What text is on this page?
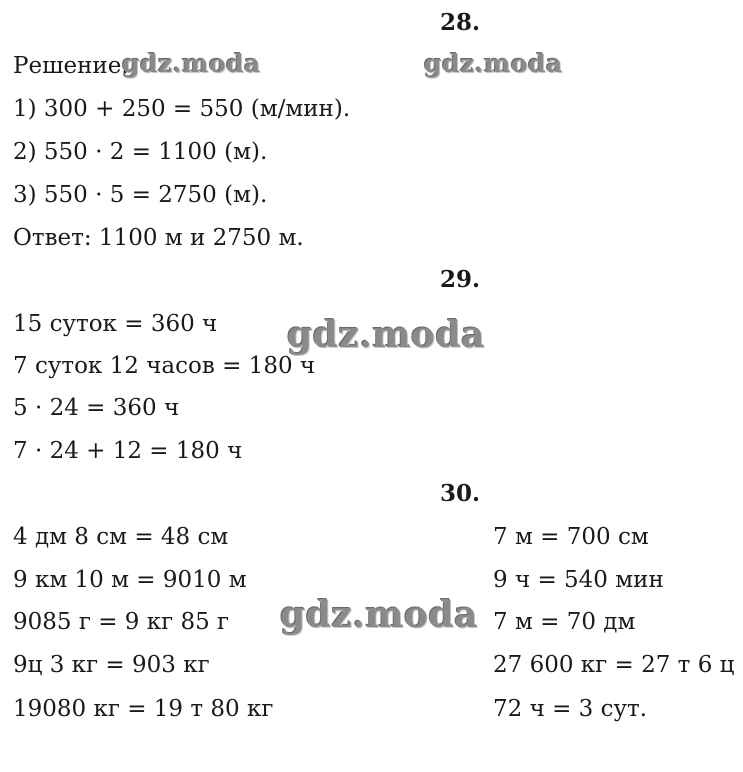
28.
Решение.
gdz.moda	gdz.moda
1) 300 + 250 = 550 (м/мин).
2) 550 · 2 = 1100 (м).
3) 550 · 5 = 2750 (м).
Ответ: 1100 м и 2750 м.
29.
15 суток = 360 ч
7 суток 12 часов = 180 ч
5 · 24 = 360 ч
7 · 24 + 12 = 180 ч
gdz.moda
30.
4 дм 8 см = 48 см
9 км 10 м = 9010 м
9085 г = 9 кг 85 г
9ц 3 кг = 903 кг
19080 кг = 19 т 80 кг
7 м = 700 см
9 ч = 540 мин
7 м = 70 дм
27 600 кг = 27 т 6 ц
72 ч = 3 сут.
gdz.moda
